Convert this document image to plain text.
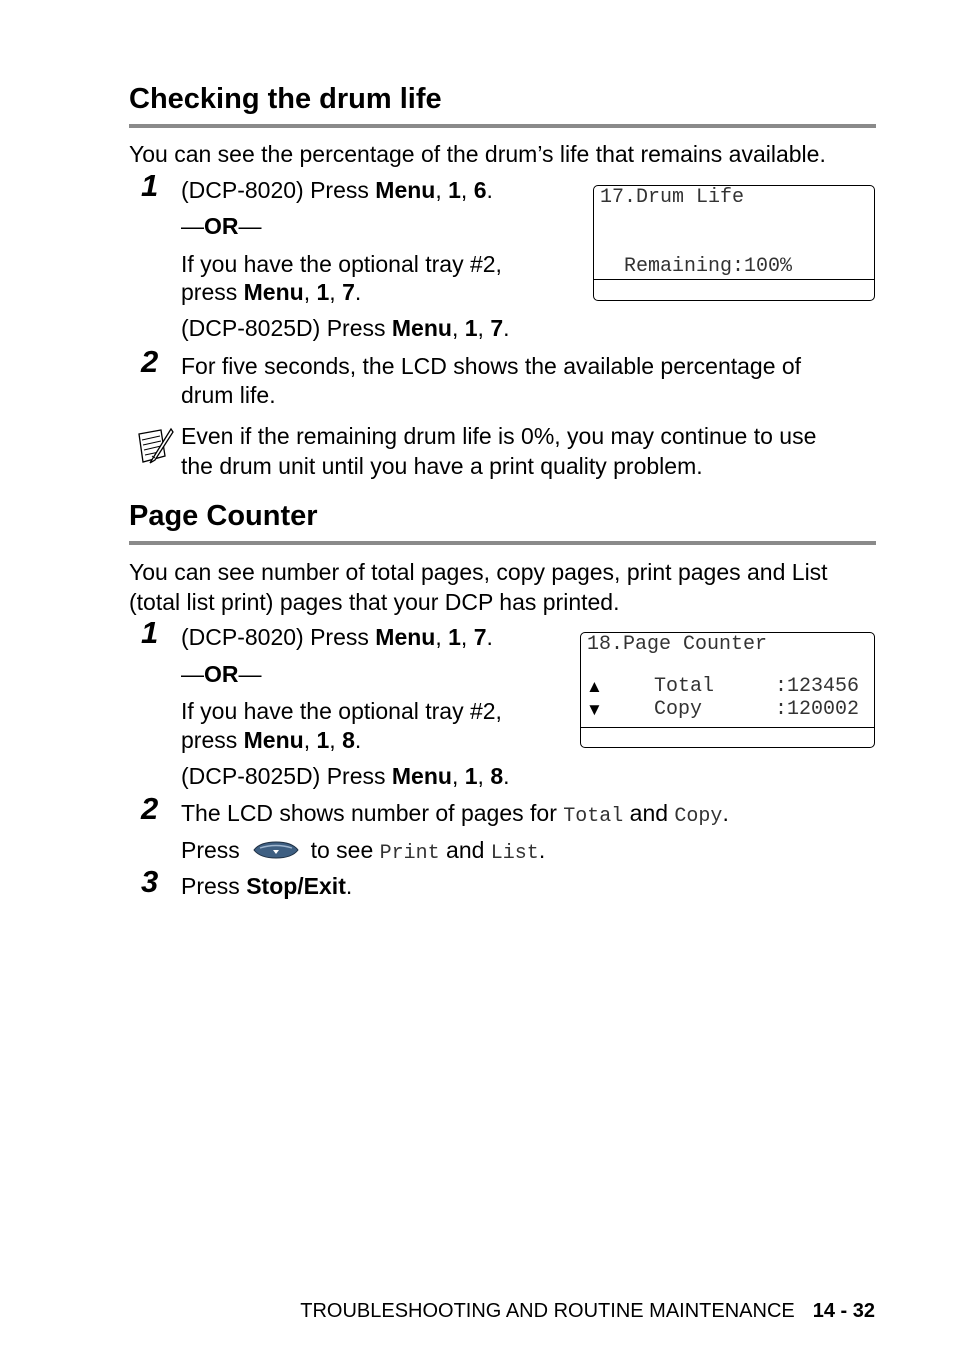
Checking the drum life
You can see the percentage of the drum’s life that remains available.
1 (DCP-8020) Press Menu, 1, 6.
—OR—
If you have the optional tray #2,
press Menu, 1, 7.
(DCP-8025D) Press Menu, 1, 7.
17.Drum Life
Remaining:100%
2 For five seconds, the LCD shows the available percentage of
drum life.
Even if the remaining drum life is 0%, you may continue to use
the drum unit until you have a print quality problem.
Page Counter
You can see number of total pages, copy pages, print pages and List
(total list print) pages that your DCP has printed.
1 (DCP-8020) Press Menu, 1, 7.
—OR—
If you have the optional tray #2,
press Menu, 1, 8.
(DCP-8025D) Press Menu, 1, 8.
18.Page Counter
▲	Total	:123456
▼	Copy	:120002
2 The LCD shows number of pages for Total and Copy.
Press	to see Print and List.
3 Press Stop/Exit.
TROUBLESHOOTING AND ROUTINE MAINTENANCE 14 - 32
